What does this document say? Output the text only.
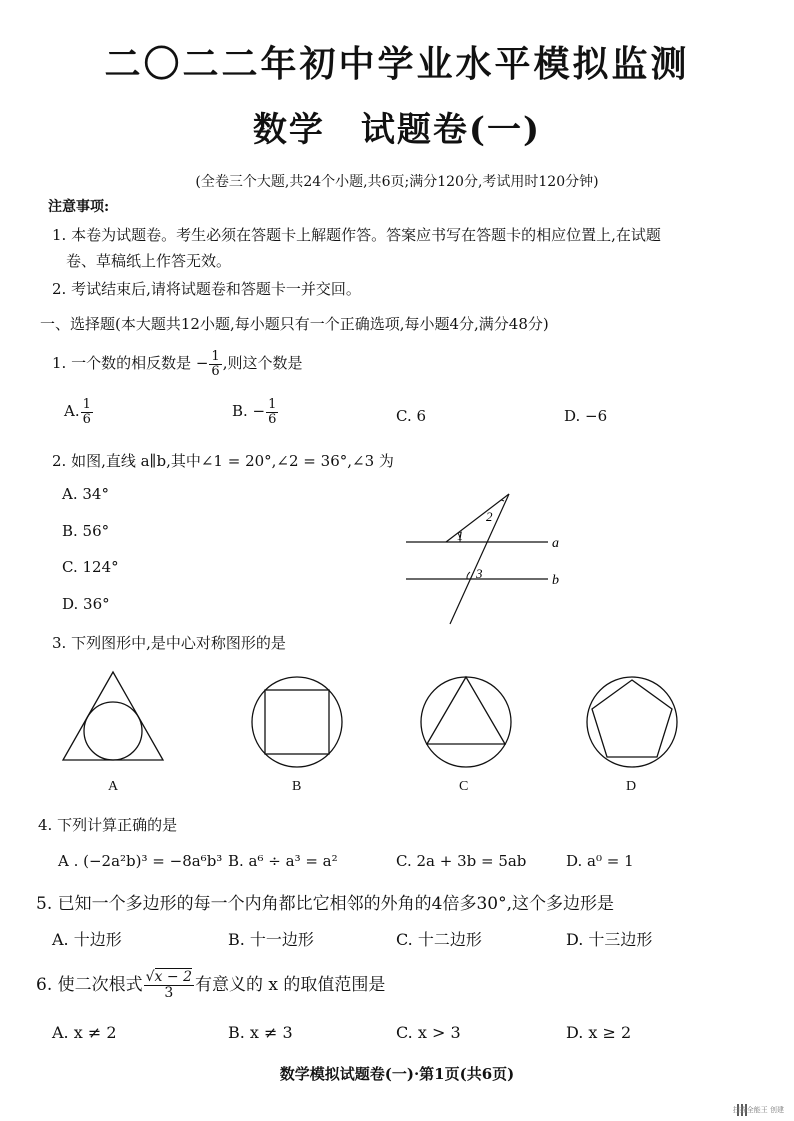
二〇二二年初中学业水平模拟监测
数学　试题卷(一)
(全卷三个大题,共24个小题,共6页;满分120分,考试用时120分钟)
注意事项:
1. 本卷为试题卷。考生必须在答题卡上解题作答。答案应书写在答题卡的相应位置上,在试题
卷、草稿纸上作答无效。
2. 考试结束后,请将试题卷和答题卡一并交回。
一、选择题(本大题共12小题,每小题只有一个正确选项,每小题4分,满分48分)
1. 一个数的相反数是 − $\frac{1}{6}$ ,则这个数是
A. $\frac{1}{6}$	B. − $\frac{1}{6}$	C. 6	D. −6
2. 如图,直线 a∥b,其中∠1 = 20°,∠2 = 36°,∠3 为
A. 34°
B. 56°
C. 124°
D. 36°
1
2
3
a
b
3. 下列图形中,是中心对称图形的是
A	B	C	D
4. 下列计算正确的是
A . (−2a²b)³ = −8a⁶b³ B. a⁶ ÷ a³ = a²	C. 2a + 3b = 5ab	D. a⁰ = 1
5. 已知一个多边形的每一个内角都比它相邻的外角的4倍多30°,这个多边形是
A. 十边形	B. 十一边形	C. 十二边形	D. 十三边形
6. 使二次根式 $\frac{√x - 2}{3}$ 有意义的 x 的取值范围是
A. x ≠ 2	B. x ≠ 3	C. x > 3	D. x ≥ 2
数学模拟试题卷(一)·第1页(共6页)
扫描全能王 创建
